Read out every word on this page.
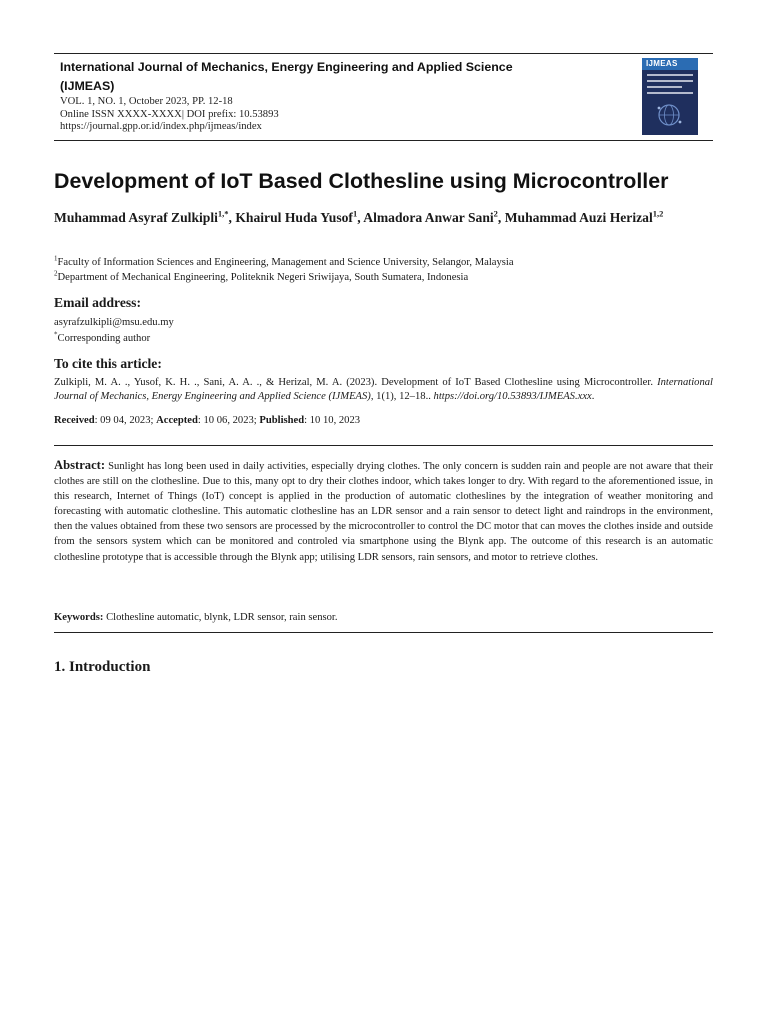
International Journal of Mechanics, Energy Engineering and Applied Science
(IJMEAS)
VOL. 1, NO. 1, October 2023, PP. 12-18
Online ISSN XXXX-XXXX| DOI prefix: 10.53893
https://journal.gpp.or.id/index.php/ijmeas/index
IJMEAS
Development of IoT Based Clothesline using Microcontroller
Muhammad Asyraf Zulkipli$^{1,*}$, Khairul Huda Yusof$^1$, Almadora Anwar Sani$^2$, Muhammad Auzi Herizal$^{1,2}$
$^1$Faculty of Information Sciences and Engineering, Management and Science University, Selangor, Malaysia
$^2$Department of Mechanical Engineering, Politeknik Negeri Sriwijaya, South Sumatera, Indonesia
Email address:
asyrafzulkipli@msu.edu.my
*Corresponding author
To cite this article:
Zulkipli, M. A. ., Yusof, K. H. ., Sani, A. A. ., & Herizal, M. A. (2023). Development of IoT Based Clothesline using Microcontroller. International Journal of Mechanics, Energy Engineering and Applied Science (IJMEAS), 1(1), 12–18.. https://doi.org/10.53893/IJMEAS.xxx.
Received: 09 04, 2023; Accepted: 10 06, 2023; Published: 10 10, 2023
Abstract: Sunlight has long been used in daily activities, especially drying clothes. The only concern is sudden rain and people are not aware that their clothes are still on the clothesline. Due to this, many opt to dry their clothes indoor, which takes longer to dry. With regard to the aforementioned issue, in this research, Internet of Things (IoT) concept is applied in the production of automatic clotheslines by the integration of weather monitoring and forecasting with automatic clothesline. This automatic clothesline has an LDR sensor and a rain sensor to detect light and raindrops in the environment, then the values obtained from these two sensors are processed by the microcontroller to control the DC motor that can moves the clothes inside and outside from the sensors system which can be monitored and controled via smartphone using the Blynk app. The outcome of this research is an automatic clothesline prototype that is accessible through the Blynk app; utilising LDR sensors, rain sensors, and motor to retrieve clothes.
Keywords: Clothesline automatic, blynk, LDR sensor, rain sensor.
1. Introduction
